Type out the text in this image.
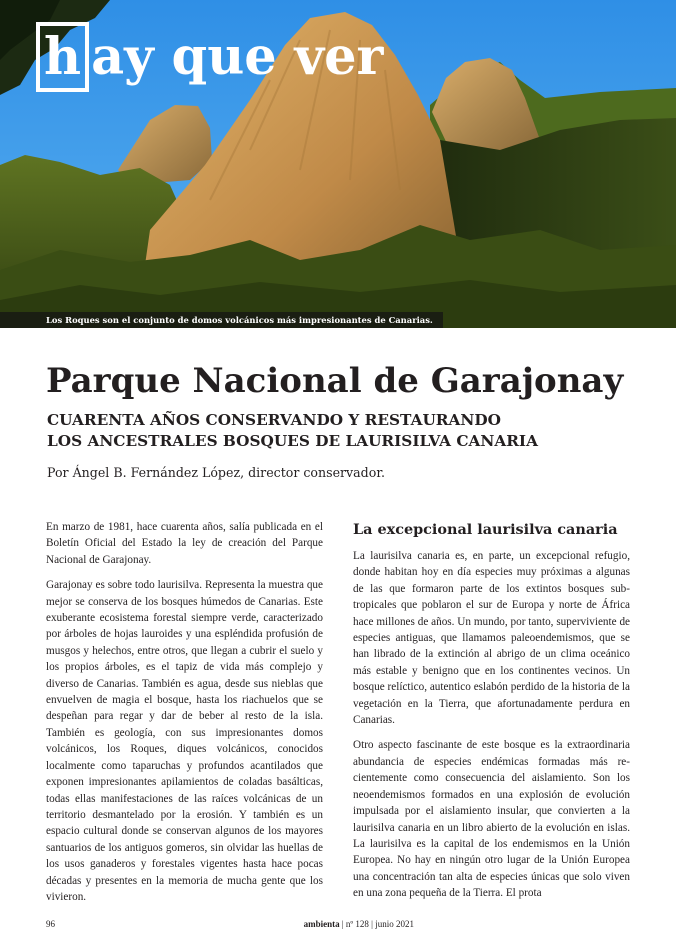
h ay que ver
Los Roques son el conjunto de domos volcánicos más impresionantes de Canarias.
Parque Nacional de Garajonay
CUARENTA AÑOS CONSERVANDO Y RESTAURANDO
LOS ANCESTRALES BOSQUES DE LAURISILVA CANARIA
Por Ángel B. Fernández López, director conservador.

En marzo de 1981, hace cuarenta años, salía publicada en el Boletín Oficial del Estado la ley de creación del Parque Nacional de Garajonay.

Garajonay es sobre todo laurisilva. Representa la muestra que mejor se conserva de los bosques húmedos de Canarias. Este exuberante ecosistema forestal siempre verde, caracterizado por árboles de hojas lauroides y una espléndida profusión de musgos y helechos, entre otros, que llegan a cubrir el suelo y los propios árboles, es el tapiz de vida más complejo y diverso de Canarias. También es agua, desde sus nieblas que envuelven de magia el bosque, hasta los riachuelos que se despeñan para regar y dar de beber al resto de la isla. También es geología, con sus impresionantes domos volcánicos, los Roques, diques volcánicos, conocidos localmente como taparuchas y profundos acantilados que exponen impresionantes apilamientos de coladas basálticas, todas ellas manifestaciones de las raíces volcánicas de un territorio desmantelado por la erosión. Y también es un espacio cultural donde se conservan algunos de los mayores santuarios de los antiguos gomeros, sin olvidar las huellas de los usos ganaderos y forestales vigentes hasta hace pocas décadas y presentes en la memoria de mucha gente que los vivieron.

La excepcional laurisilva canaria

La laurisilva canaria es, en parte, un excepcional refugio, donde habitan hoy en día especies muy próximas a algunas de las que formaron parte de los extintos bosques subtropicales que poblaron el sur de Europa y norte de África hace millones de años. Un mundo, por tanto, superviviente de especies antiguas, que llamamos paleoendemismos, que se han librado de la extinción al abrigo de un clima oceánico más estable y benigno que en los continentes vecinos. Un bosque relíctico, autentico eslabón perdido de la historia de la vegetación en la Tierra, que afortunadamente perdura en Canarias.

Otro aspecto fascinante de este bosque es la extraordinaria abundancia de especies endémicas formadas más recientemente como consecuencia del aislamiento. Son los neoendemismos formados en una explosión de evolución impulsada por el aislamiento insular, que convierten a la laurisilva canaria en un libro abierto de la evolución en islas. La laurisilva es la capital de los endemismos en la Unión Europea. No hay en ningún otro lugar de la Unión Europea una concentración tan alta de especies únicas que solo viven en una zona pequeña de la Tierra. El prota

96	ambienta | nº 128 | junio 2021
